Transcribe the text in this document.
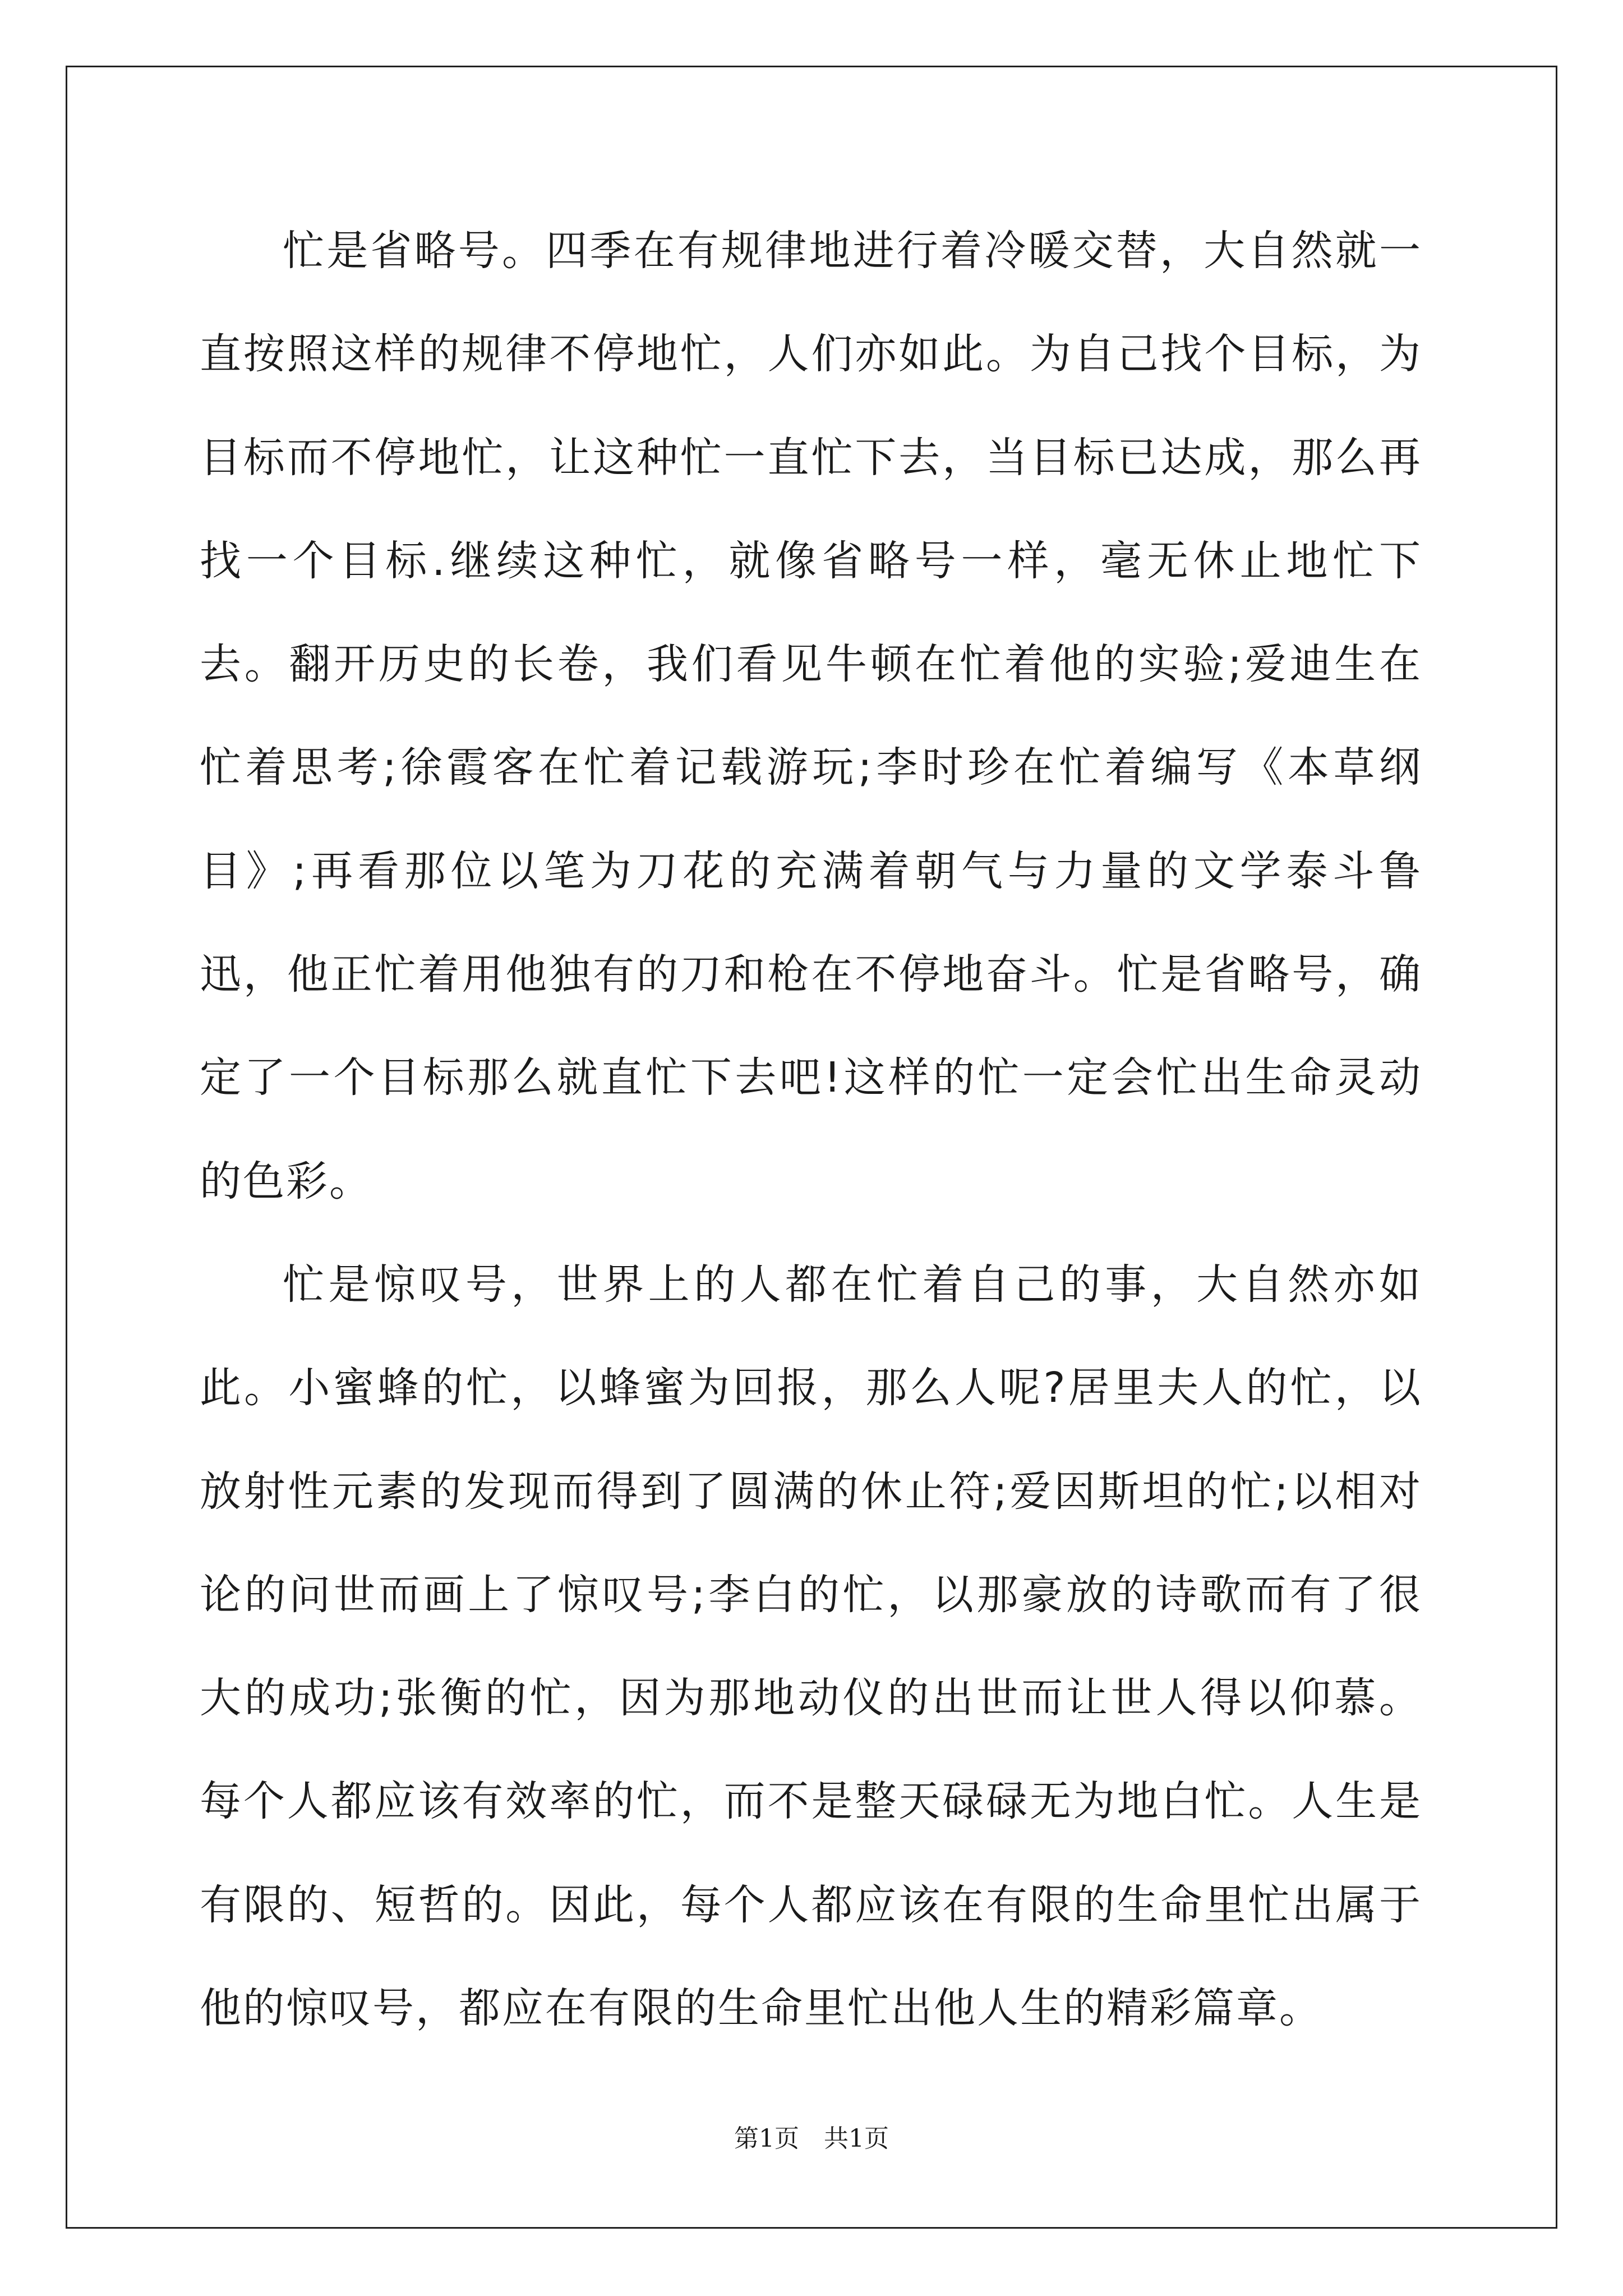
忙是省略号。四季在有规律地进行着冷暖交替，大自然就一直按照这样的规律不停地忙，人们亦如此。为自己找个目标，为目标而不停地忙，让这种忙一直忙下去，当目标已达成，那么再找一个目标.继续这种忙，就像省略号一样，毫无休止地忙下去。翻开历史的长卷，我们看见牛顿在忙着他的实验;爱迪生在忙着思考;徐霞客在忙着记载游玩;李时珍在忙着编写《本草纲目》;再看那位以笔为刀花的充满着朝气与力量的文学泰斗鲁迅，他正忙着用他独有的刀和枪在不停地奋斗。忙是省略号，确定了一个目标那么就直忙下去吧!这样的忙一定会忙出生命灵动的色彩。

忙是惊叹号，世界上的人都在忙着自己的事，大自然亦如此。小蜜蜂的忙，以蜂蜜为回报，那么人呢?居里夫人的忙，以放射性元素的发现而得到了圆满的休止符;爱因斯坦的忙;以相对论的问世而画上了惊叹号;李白的忙，以那豪放的诗歌而有了很大的成功;张衡的忙，因为那地动仪的出世而让世人得以仰慕。每个人都应该有效率的忙，而不是整天碌碌无为地白忙。人生是有限的、短哲的。因此，每个人都应该在有限的生命里忙出属于他的惊叹号，都应在有限的生命里忙出他人生的精彩篇章。

第1页　共1页
